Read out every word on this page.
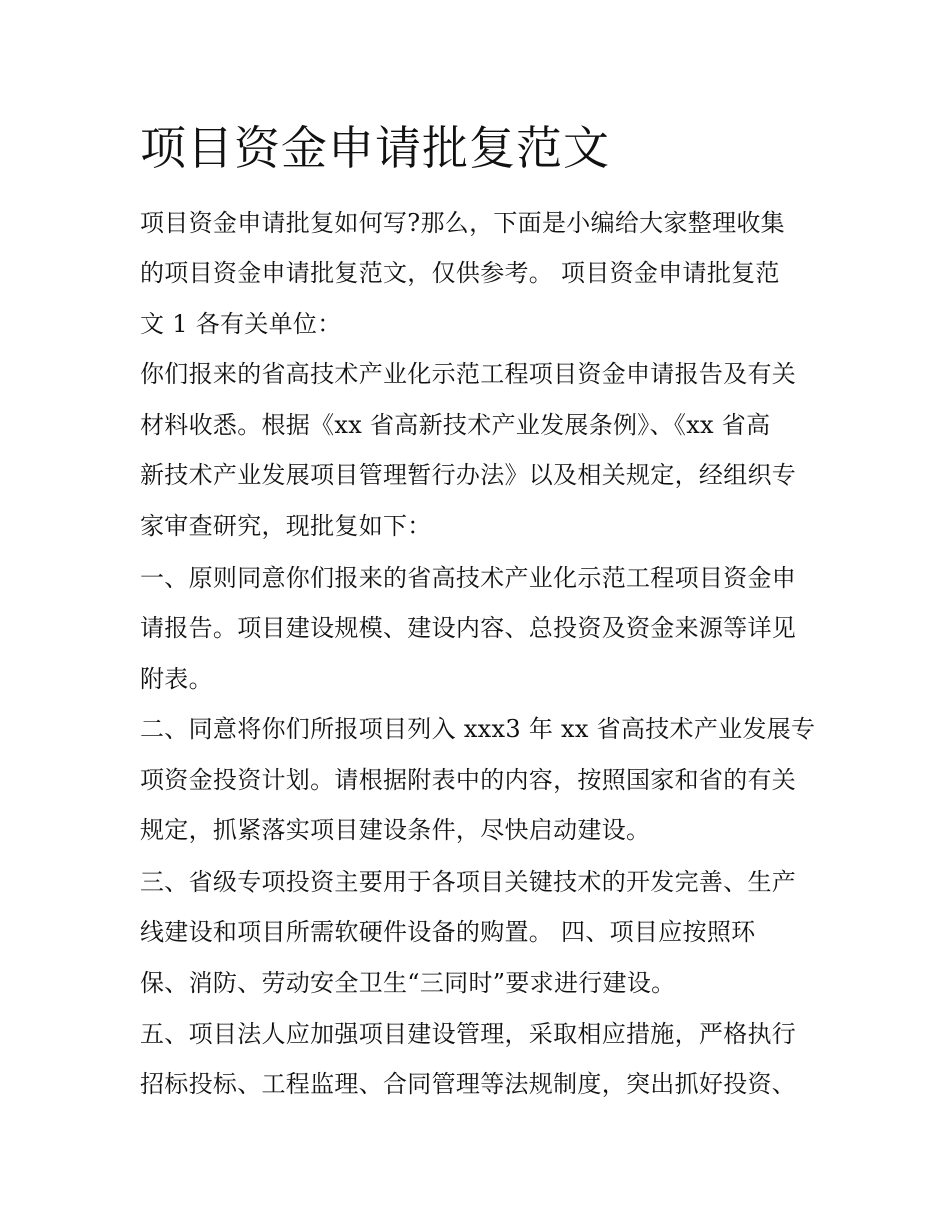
项目资金申请批复范文

项目资金申请批复如何写?那么，下面是小编给大家整理收集

的项目资金申请批复范文，仅供参考。 项目资金申请批复范

文 1 各有关单位：

你们报来的省高技术产业化示范工程项目资金申请报告及有关

材料收悉。根据《xx 省高新技术产业发展条例》、《xx 省高

新技术产业发展项目管理暂行办法》以及相关规定，经组织专

家审查研究，现批复如下：

一、原则同意你们报来的省高技术产业化示范工程项目资金申

请报告。项目建设规模、建设内容、总投资及资金来源等详见

附表。

二、同意将你们所报项目列入 xxx3 年 xx 省高技术产业发展专

项资金投资计划。请根据附表中的内容，按照国家和省的有关

规定，抓紧落实项目建设条件，尽快启动建设。

三、省级专项投资主要用于各项目关键技术的开发完善、生产

线建设和项目所需软硬件设备的购置。 四、项目应按照环

保、消防、劳动安全卫生“三同时”要求进行建设。

五、项目法人应加强项目建设管理，采取相应措施，严格执行

招标投标、工程监理、合同管理等法规制度，突出抓好投资、
